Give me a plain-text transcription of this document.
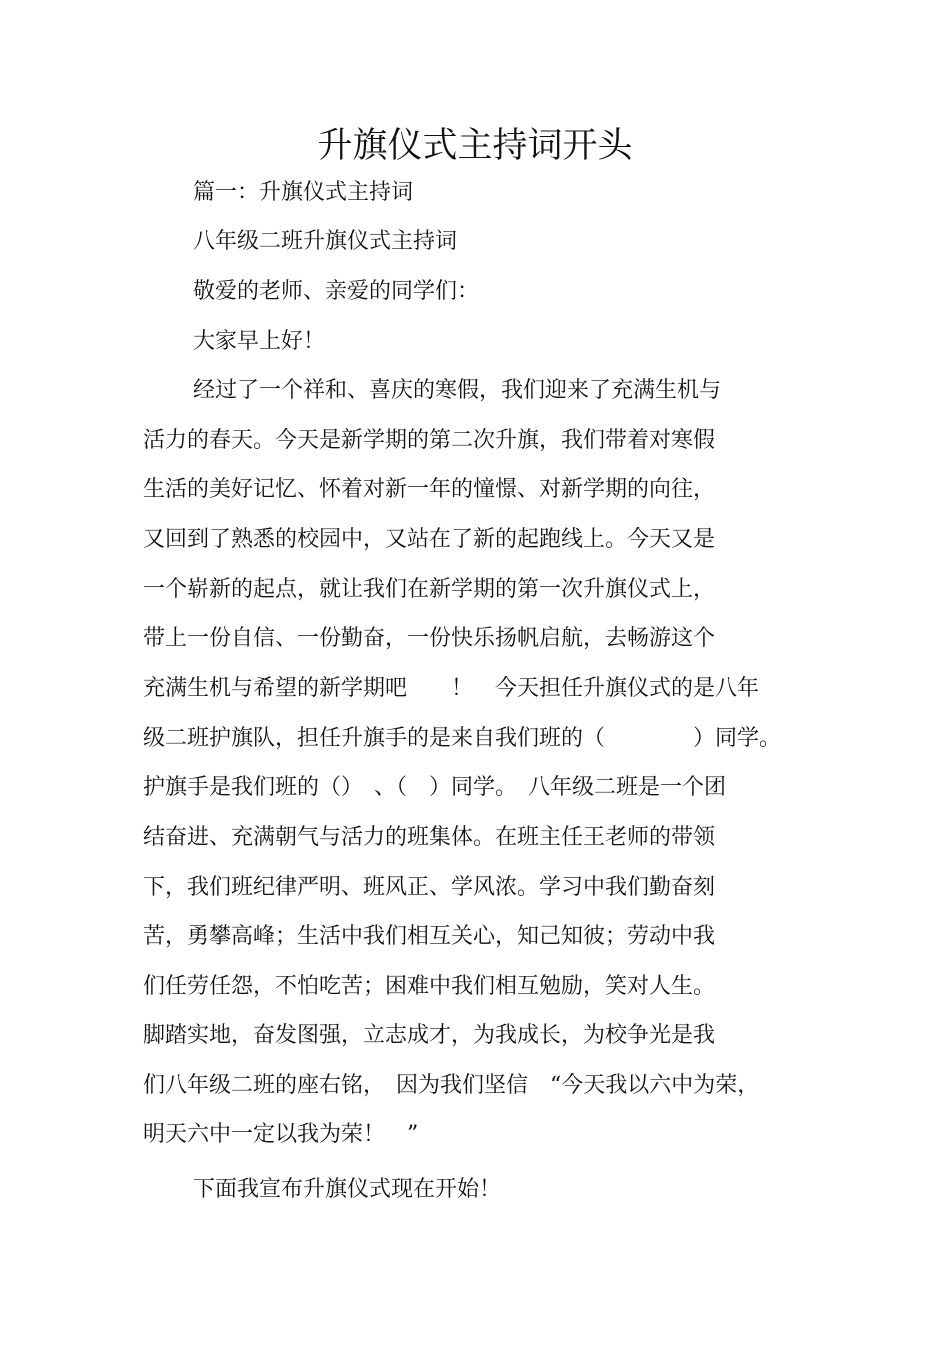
升旗仪式主持词开头
篇一：升旗仪式主持词
八年级二班升旗仪式主持词
敬爱的老师、亲爱的同学们：
大家早上好！
经过了一个祥和、喜庆的寒假，我们迎来了充满生机与
活力的春天。今天是新学期的第二次升旗，我们带着对寒假
生活的美好记忆、怀着对新一年的憧憬、对新学期的向往，
又回到了熟悉的校园中，又站在了新的起跑线上。今天又是
一个崭新的起点，就让我们在新学期的第一次升旗仪式上，
带上一份自信、一份勤奋，一份快乐扬帆启航，去畅游这个
充满生机与希望的新学期吧　　！　今天担任升旗仪式的是八年
级二班护旗队，担任升旗手的是来自我们班的（　　　　）同学。
护旗手是我们班的（）　、（　）同学。　八年级二班是一个团
结奋进、充满朝气与活力的班集体。在班主任王老师的带领
下，我们班纪律严明、班风正、学风浓。学习中我们勤奋刻
苦，勇攀高峰；生活中我们相互关心，知己知彼；劳动中我
们任劳任怨，不怕吃苦；困难中我们相互勉励，笑对人生。
脚踏实地，奋发图强，立志成才，为我成长，为校争光是我
们八年级二班的座右铭，　因为我们坚信　“今天我以六中为荣，
明天六中一定以我为荣！　”
下面我宣布升旗仪式现在开始！
